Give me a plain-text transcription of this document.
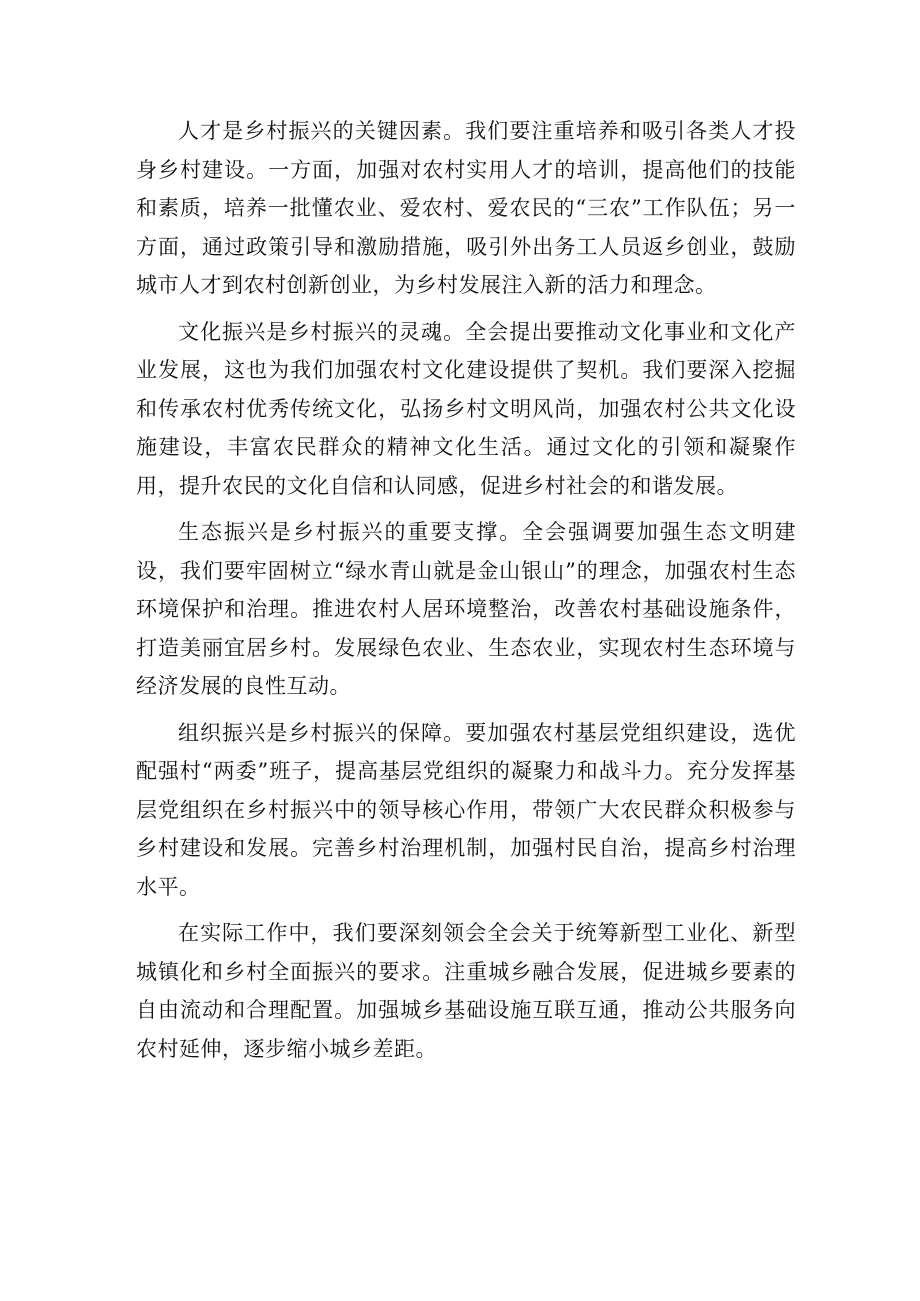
人才是乡村振兴的关键因素。我们要注重培养和吸引各类人才投身乡村建设。一方面，加强对农村实用人才的培训，提高他们的技能和素质，培养一批懂农业、爱农村、爱农民的“三农”工作队伍；另一方面，通过政策引导和激励措施，吸引外出务工人员返乡创业，鼓励城市人才到农村创新创业，为乡村发展注入新的活力和理念。

文化振兴是乡村振兴的灵魂。全会提出要推动文化事业和文化产业发展，这也为我们加强农村文化建设提供了契机。我们要深入挖掘和传承农村优秀传统文化，弘扬乡村文明风尚，加强农村公共文化设施建设，丰富农民群众的精神文化生活。通过文化的引领和凝聚作用，提升农民的文化自信和认同感，促进乡村社会的和谐发展。

生态振兴是乡村振兴的重要支撑。全会强调要加强生态文明建设，我们要牢固树立“绿水青山就是金山银山”的理念，加强农村生态环境保护和治理。推进农村人居环境整治，改善农村基础设施条件，打造美丽宜居乡村。发展绿色农业、生态农业，实现农村生态环境与经济发展的良性互动。

组织振兴是乡村振兴的保障。要加强农村基层党组织建设，选优配强村“两委”班子，提高基层党组织的凝聚力和战斗力。充分发挥基层党组织在乡村振兴中的领导核心作用，带领广大农民群众积极参与乡村建设和发展。完善乡村治理机制，加强村民自治，提高乡村治理水平。

在实际工作中，我们要深刻领会全会关于统筹新型工业化、新型城镇化和乡村全面振兴的要求。注重城乡融合发展，促进城乡要素的自由流动和合理配置。加强城乡基础设施互联互通，推动公共服务向农村延伸，逐步缩小城乡差距。
